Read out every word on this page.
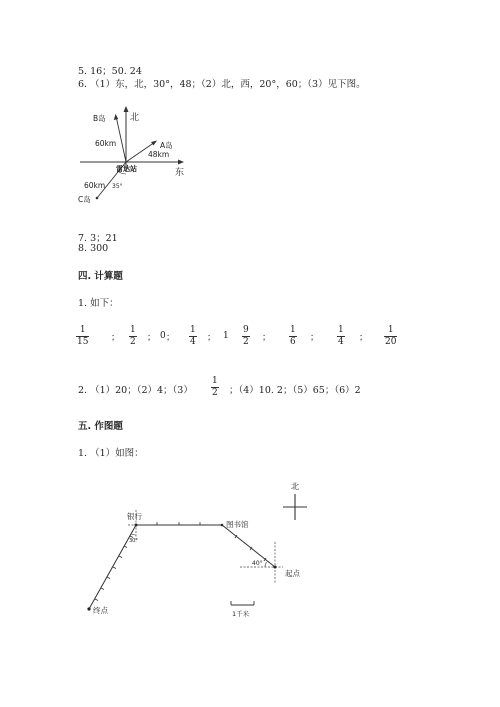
5. 16；50. 24
6. （1）东，北，30°，48；（2）北，西，20°，60；（3）见下图。
北
东
B岛
60km	A岛
48km
C岛
60km 35°
雷达站
7. 3；21
8. 300
四. 计算题
1. 如下：
$\frac{1}{15}$ ； $\frac{1}{2}$ ； 0 ； $\frac{1}{4}$ ； $1 \frac{9}{2}$ ； $\frac{1}{6}$ ； $\frac{1}{4}$ ； $\frac{1}{20}$
2. （1）20；（2）4；$(3) \frac{1}{2}$ ；（4）10. 2；（5）65；（6）2
五. 作图题
1. （1）如图：
北
银行
30°
图书馆
起点
40°
终点	1千米
